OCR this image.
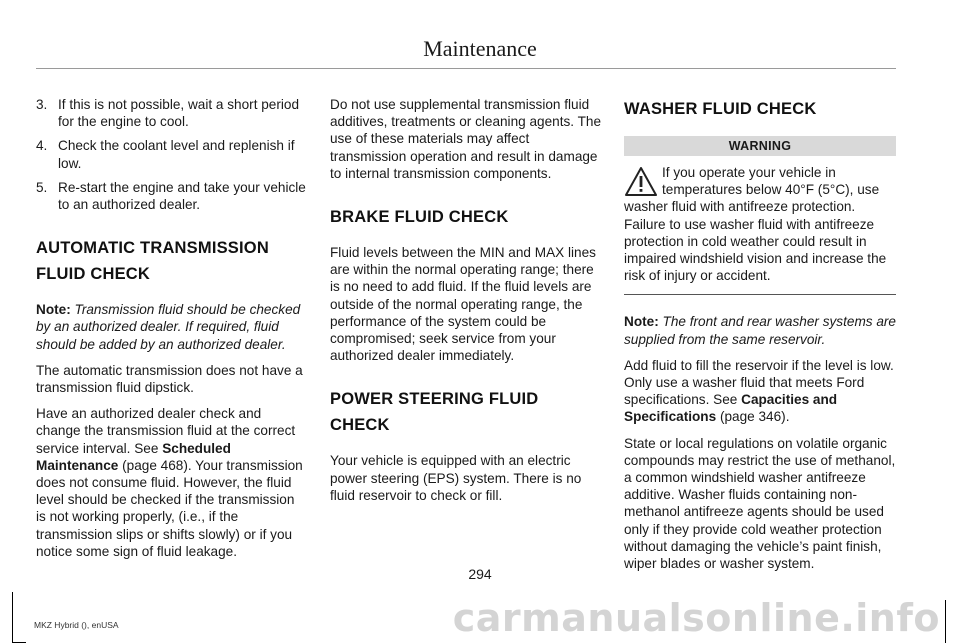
Maintenance
3. If this is not possible, wait a short period for the engine to cool.
4. Check the coolant level and replenish if low.
5. Re-start the engine and take your vehicle to an authorized dealer.
AUTOMATIC TRANSMISSION
FLUID CHECK

Note: Transmission fluid should be checked by an authorized dealer. If required, fluid should be added by an authorized dealer.

The automatic transmission does not have a transmission fluid dipstick.

Have an authorized dealer check and change the transmission fluid at the correct service interval. See Scheduled Maintenance (page 468). Your transmission does not consume fluid. However, the fluid level should be checked if the transmission is not working properly, (i.e., if the transmission slips or shifts slowly) or if you notice some sign of fluid leakage.

Do not use supplemental transmission fluid additives, treatments or cleaning agents. The use of these materials may affect transmission operation and result in damage to internal transmission components.

BRAKE FLUID CHECK

Fluid levels between the MIN and MAX lines are within the normal operating range; there is no need to add fluid. If the fluid levels are outside of the normal operating range, the performance of the system could be compromised; seek service from your authorized dealer immediately.

POWER STEERING FLUID CHECK

Your vehicle is equipped with an electric power steering (EPS) system. There is no fluid reservoir to check or fill.

WASHER FLUID CHECK
WARNING
If you operate your vehicle in temperatures below 40°F (5°C), use washer fluid with antifreeze protection. Failure to use washer fluid with antifreeze protection in cold weather could result in impaired windshield vision and increase the risk of injury or accident.

Note: The front and rear washer systems are supplied from the same reservoir.

Add fluid to fill the reservoir if the level is low. Only use a washer fluid that meets Ford specifications. See Capacities and Specifications (page 346).

State or local regulations on volatile organic compounds may restrict the use of methanol, a common windshield washer antifreeze additive. Washer fluids containing non-methanol antifreeze agents should be used only if they provide cold weather protection without damaging the vehicle’s paint finish, wiper blades or washer system.

294
MKZ Hybrid (), enUSA	carmanualsonline.info
